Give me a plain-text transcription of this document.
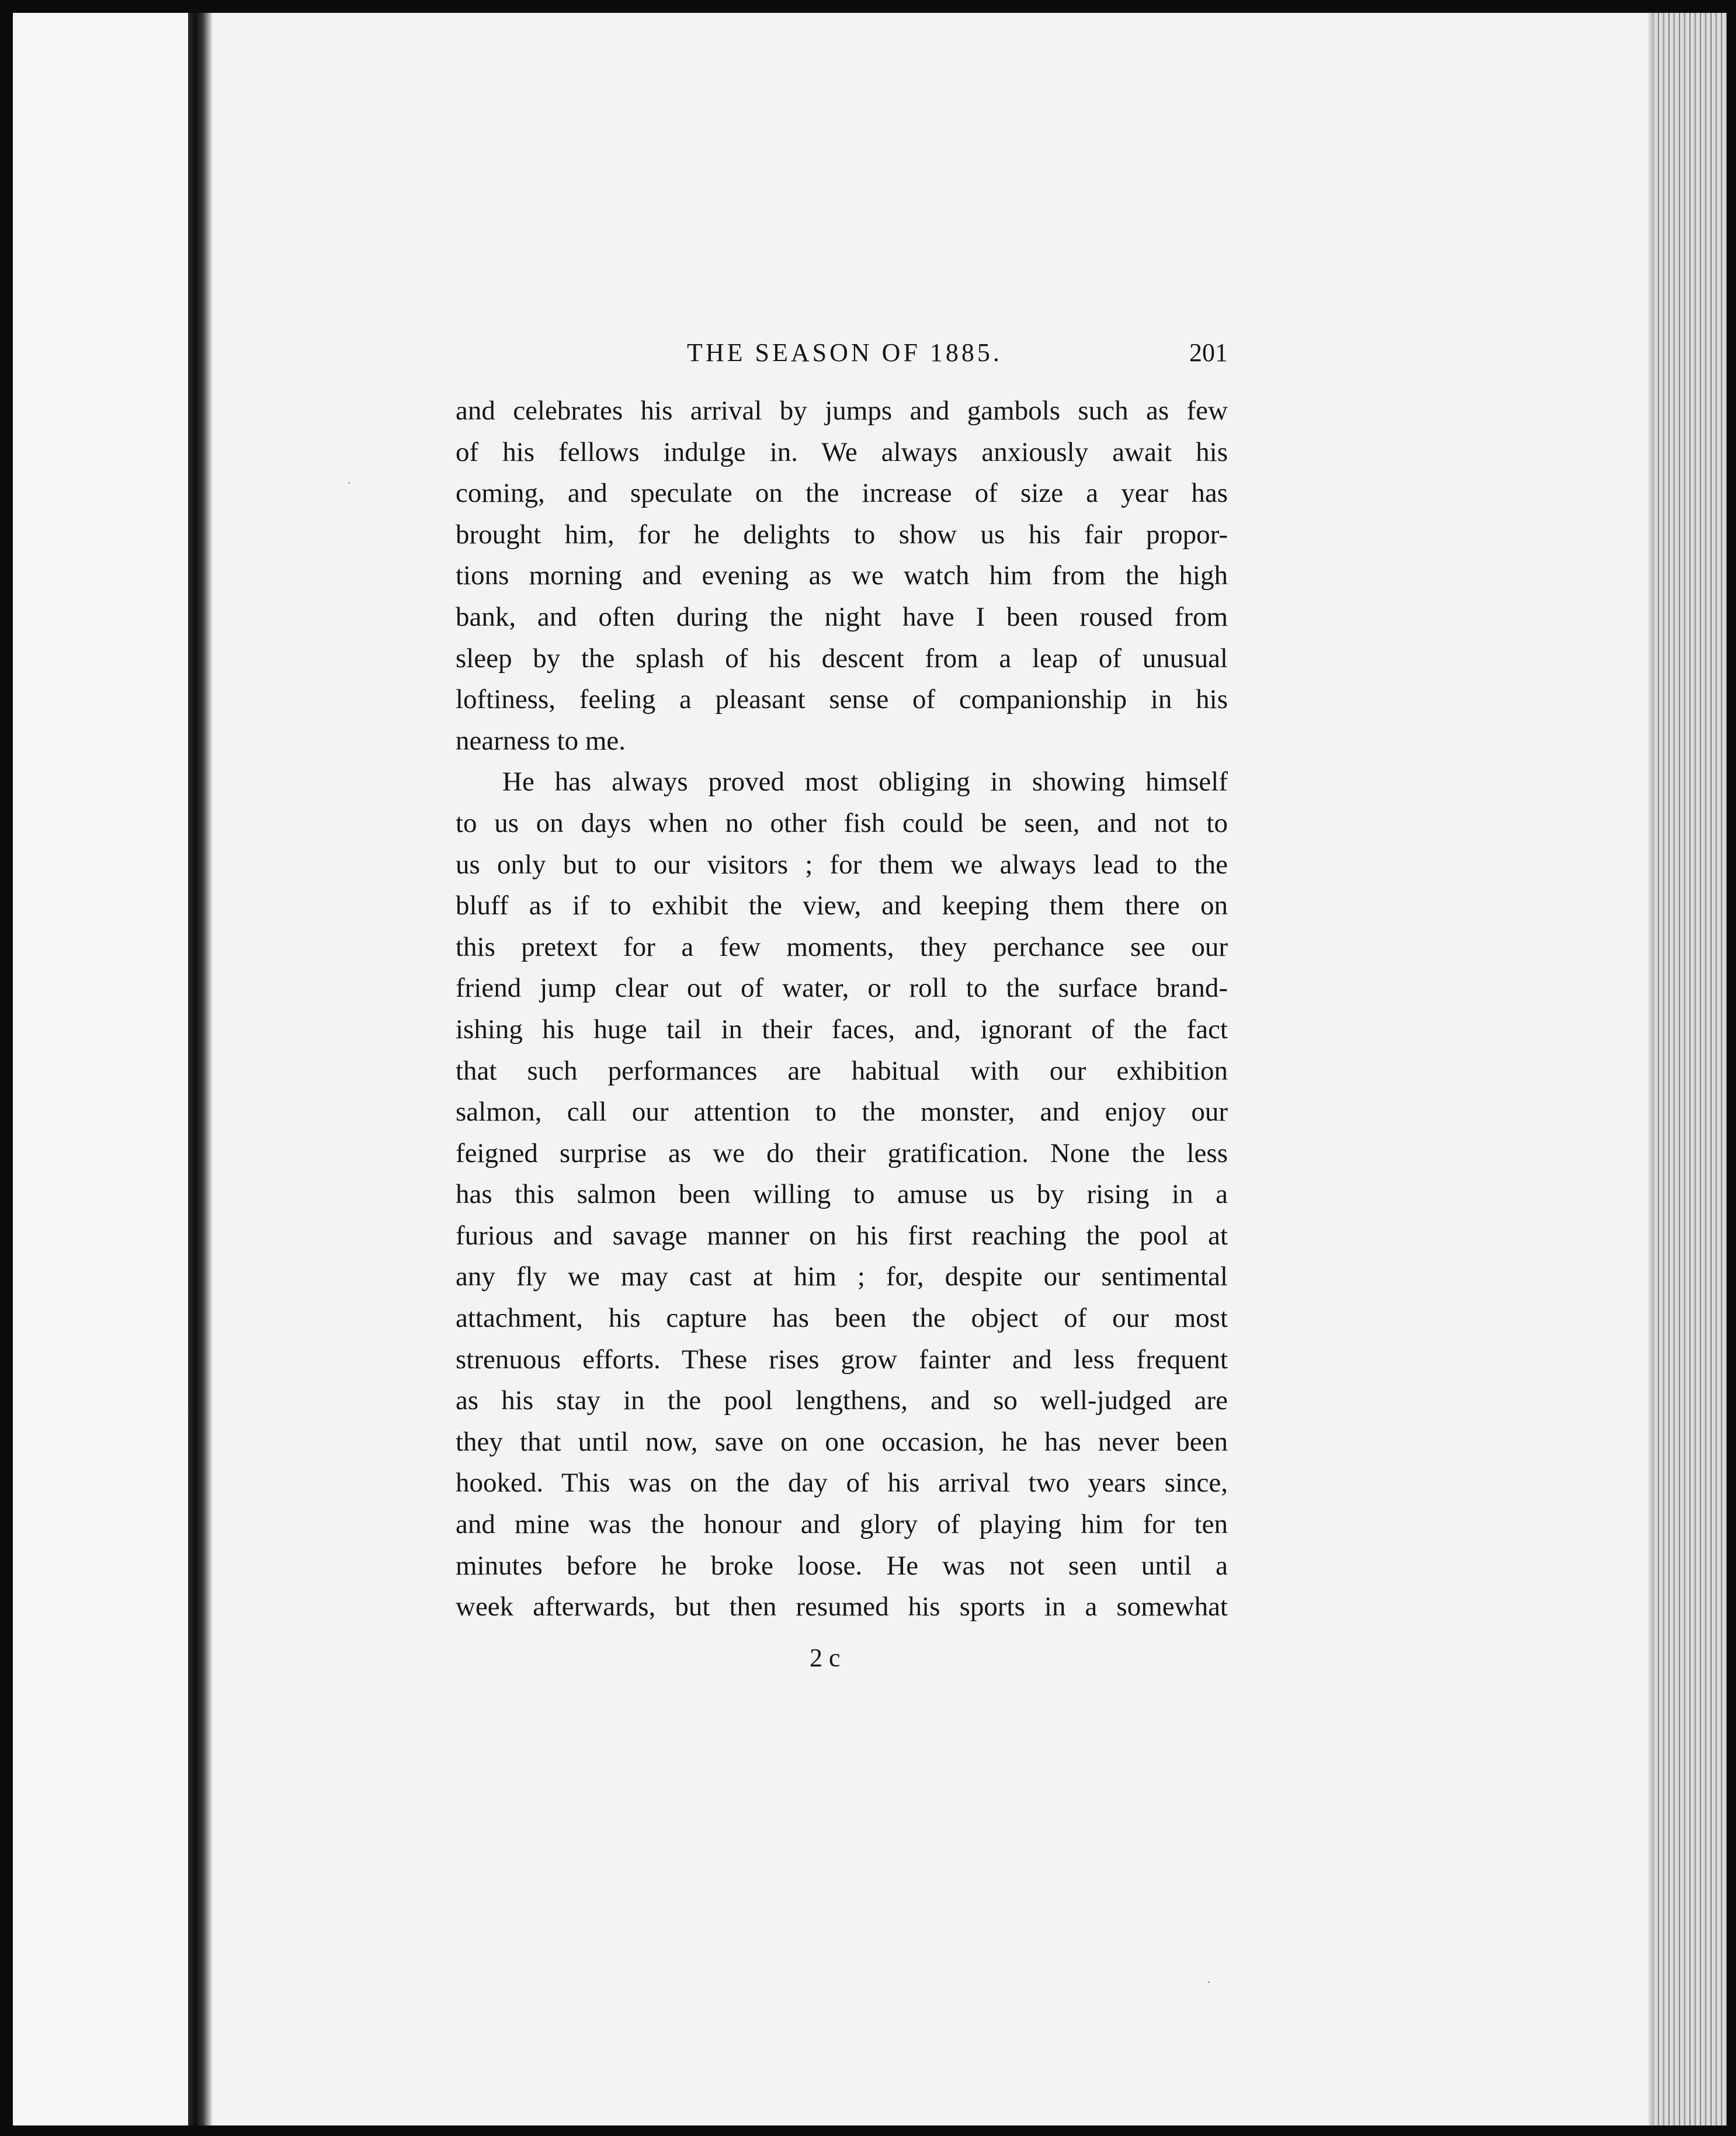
·
·
THE SEASON OF 1885.	201
and celebrates his arrival by jumps and gambols such as few
of his fellows indulge in. We always anxiously await his
coming, and speculate on the increase of size a year has
brought him, for he delights to show us his fair propor-
tions morning and evening as we watch him from the high
bank, and often during the night have I been roused from
sleep by the splash of his descent from a leap of unusual
loftiness, feeling a pleasant sense of companionship in his
nearness to me.
He has always proved most obliging in showing himself
to us on days when no other fish could be seen, and not to
us only but to our visitors ; for them we always lead to the
bluff as if to exhibit the view, and keeping them there on
this pretext for a few moments, they perchance see our
friend jump clear out of water, or roll to the surface brand-
ishing his huge tail in their faces, and, ignorant of the fact
that such performances are habitual with our exhibition
salmon, call our attention to the monster, and enjoy our
feigned surprise as we do their gratification. None the less
has this salmon been willing to amuse us by rising in a
furious and savage manner on his first reaching the pool at
any fly we may cast at him ; for, despite our sentimental
attachment, his capture has been the object of our most
strenuous efforts. These rises grow fainter and less frequent
as his stay in the pool lengthens, and so well-judged are
they that until now, save on one occasion, he has never been
hooked. This was on the day of his arrival two years since,
and mine was the honour and glory of playing him for ten
minutes before he broke loose. He was not seen until a
week afterwards, but then resumed his sports in a somewhat
2 c
